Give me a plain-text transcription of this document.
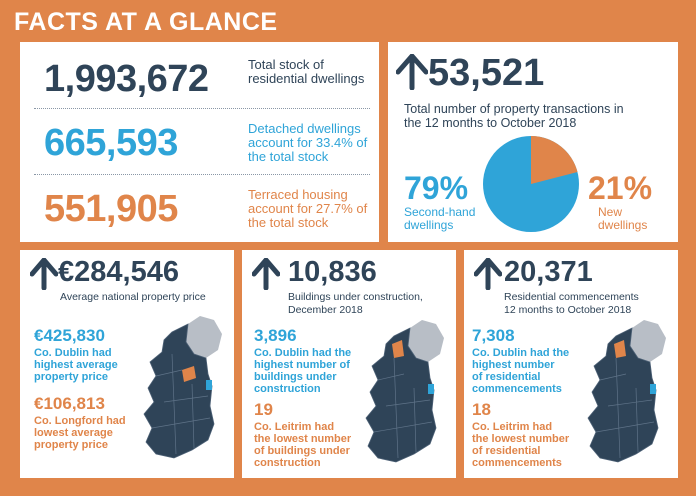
FACTS AT A GLANCE
1,993,672	Total stock of residential dwellings
665,593	Detached dwellings account for 33.4% of the total stock
551,905	Terraced housing account for 27.7% of the total stock
53,521
Total number of property transactions in
the 12 months to October 2018
79%
Second-hand
dwellings
21%
New
dwellings
€284,546
Average national property price
€425,830
Co. Dublin had
highest average
property price
€106,813
Co. Longford had
lowest average
property price
10,836
Buildings under construction,
December 2018
3,896
Co. Dublin had the
highest number of
buildings under
construction
19
Co. Leitrim had
the lowest number
of buildings under
construction
20,371
Residential commencements
12 months to October 2018
7,308
Co. Dublin had the
highest number
of residential
commencements
18
Co. Leitrim had
the lowest number
of residential
commencements
